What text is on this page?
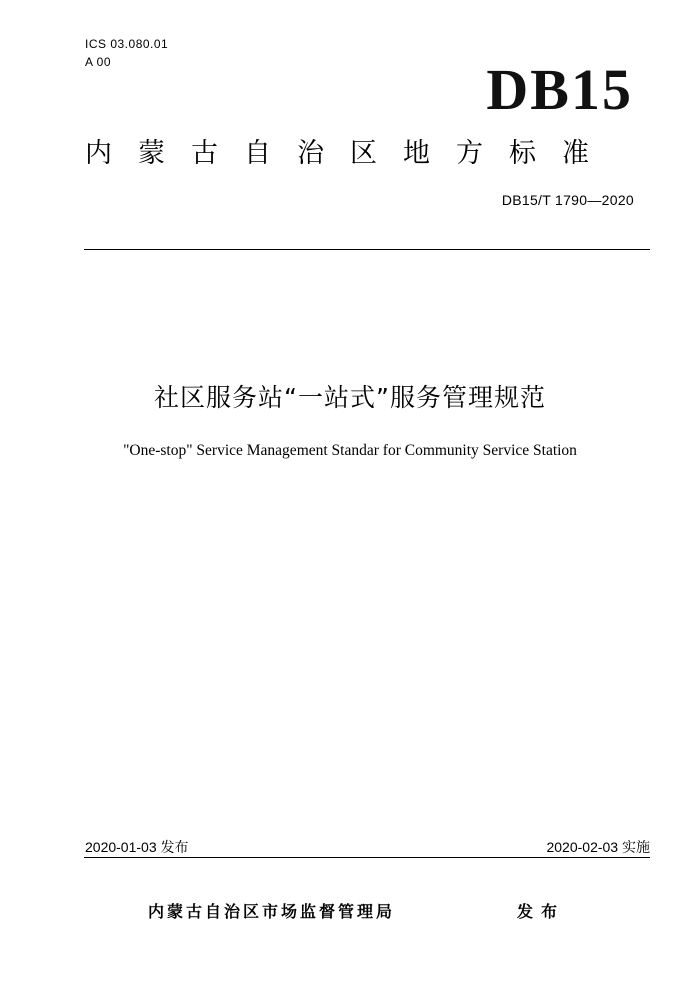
ICS 03.080.01
A 00	DB15
内蒙古自治区地方标准
DB15/T 1790—2020
社区服务站“一站式”服务管理规范
"One-stop" Service Management Standar for Community Service Station
2020-01-03 发布	2020-02-03 实施
内蒙古自治区市场监督管理局	发布
